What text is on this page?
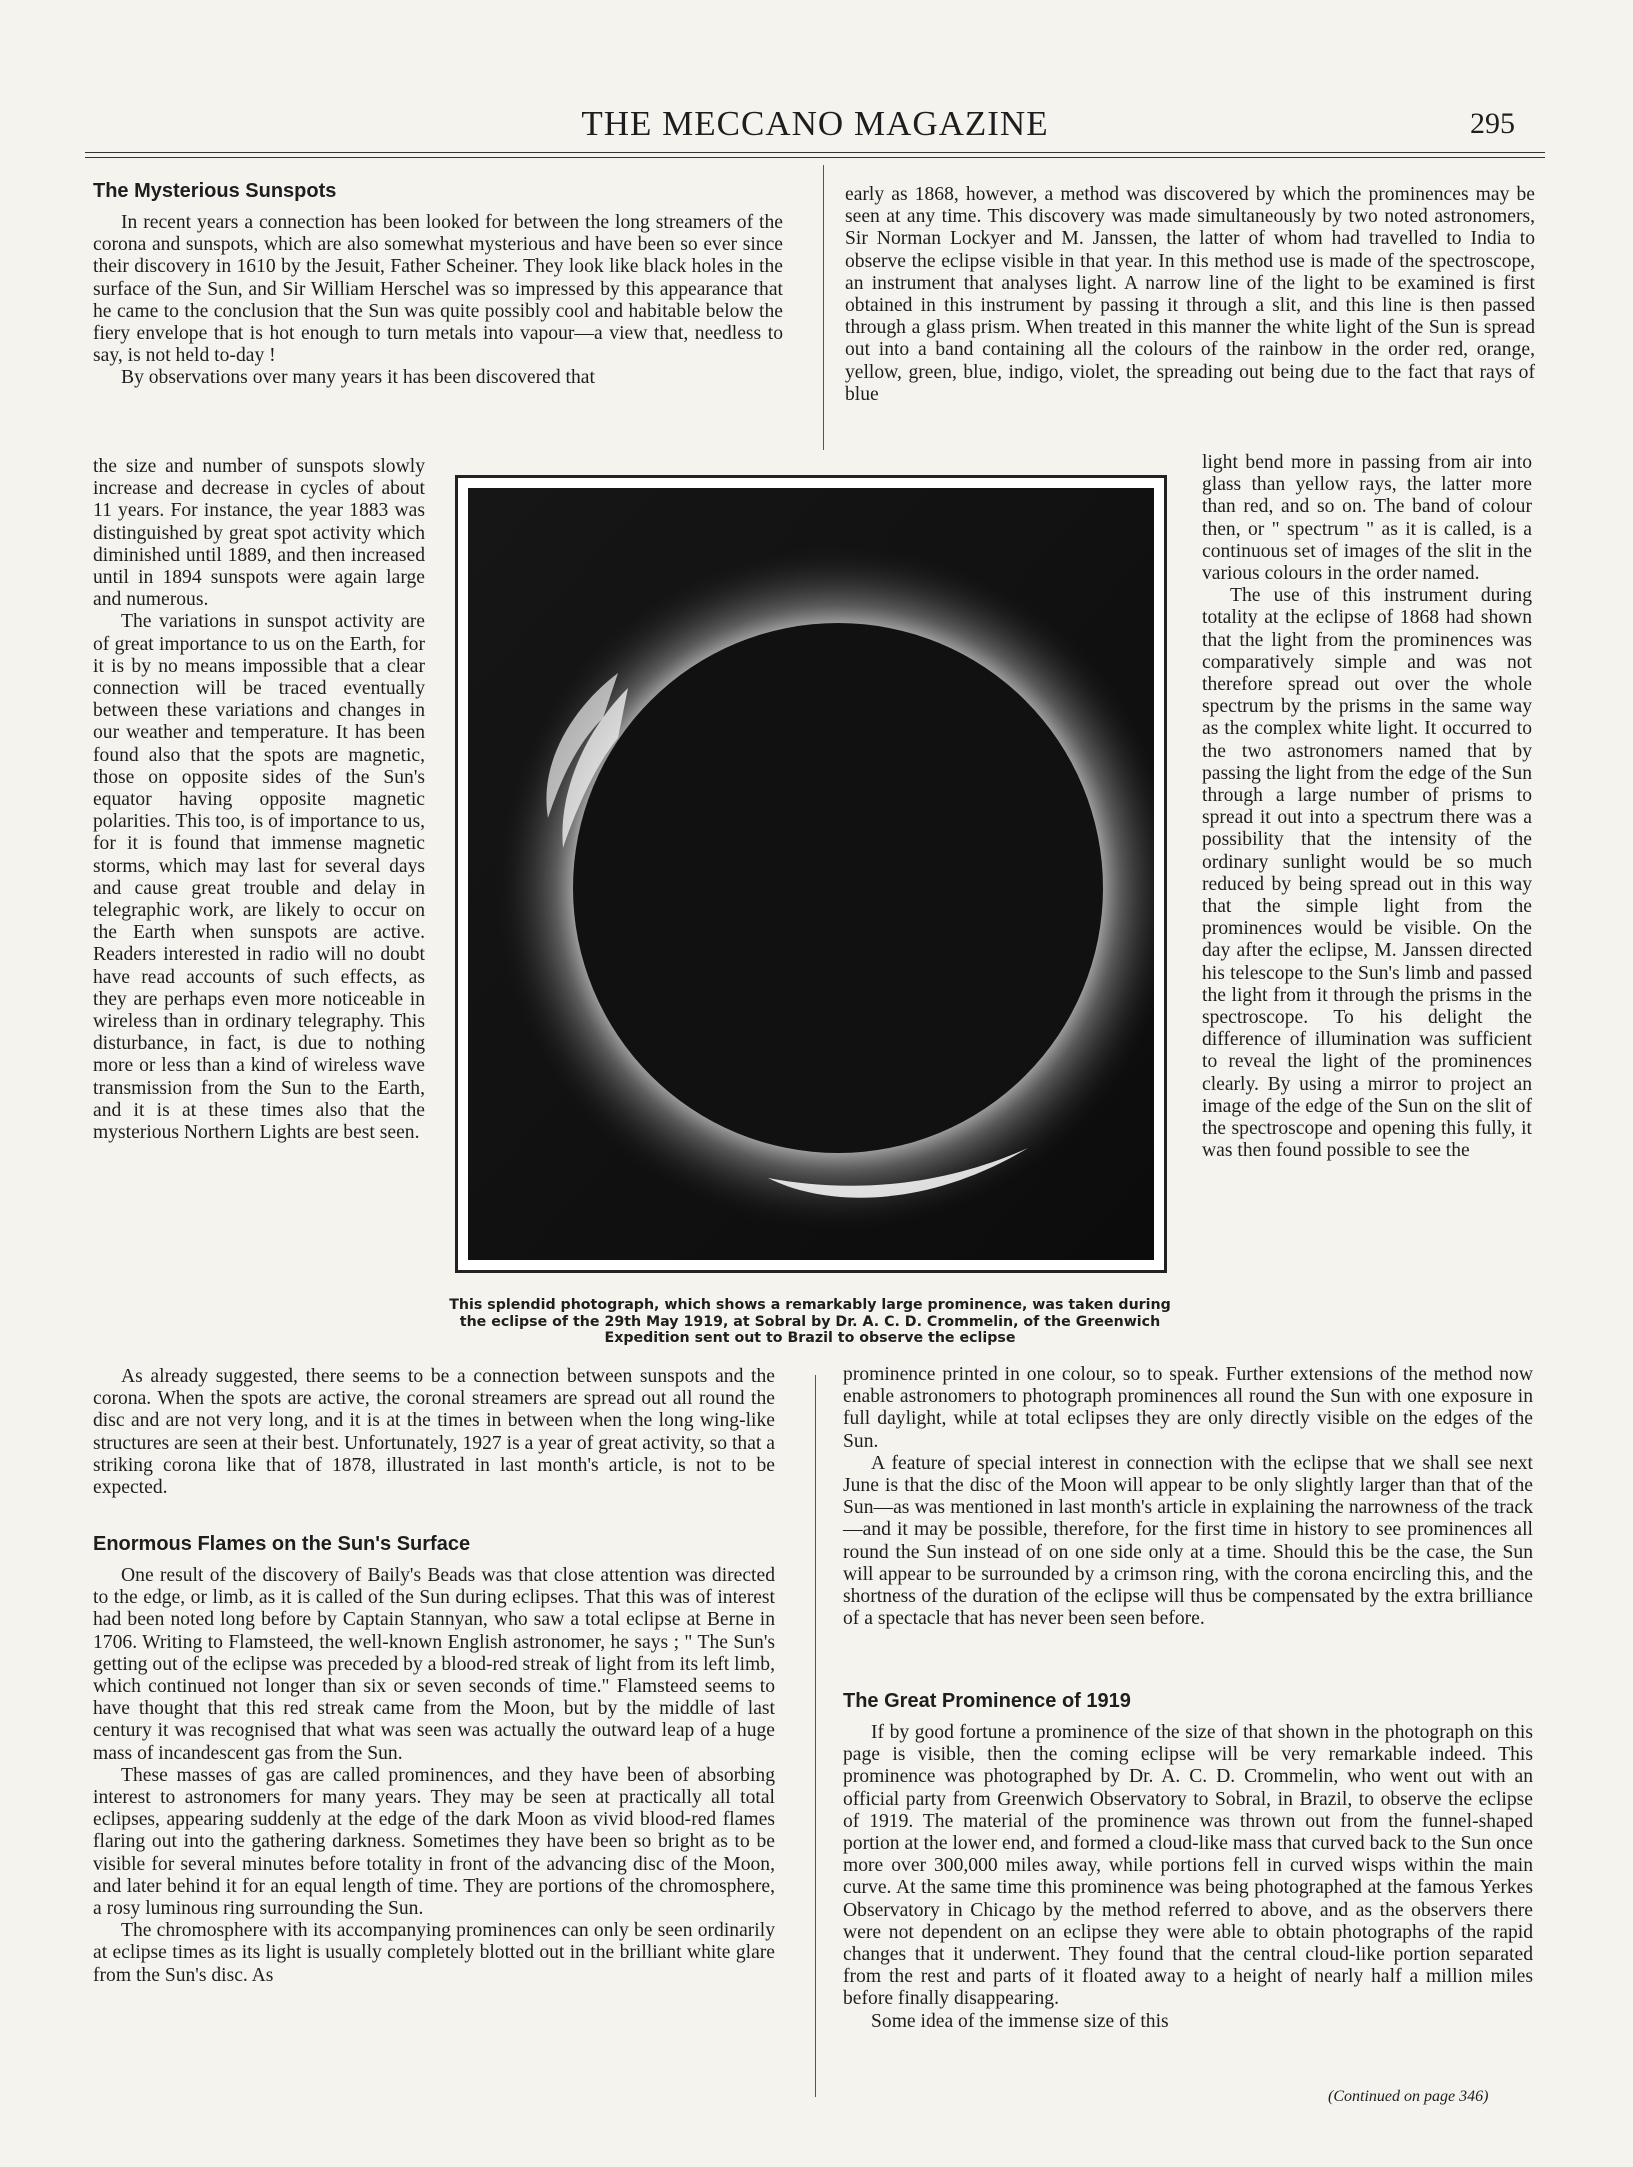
THE MECCANO MAGAZINE	295
The Mysterious Sunspots

In recent years a connection has been looked for between the long streamers of the corona and sunspots, which are also somewhat mysterious and have been so ever since their discovery in 1610 by the Jesuit, Father Scheiner. They look like black holes in the surface of the Sun, and Sir William Herschel was so impressed by this appearance that he came to the conclusion that the Sun was quite possibly cool and habitable below the fiery envelope that is hot enough to turn metals into vapour—a view that, needless to say, is not held to-day !

By observations over many years it has been discovered that

the size and number of sunspots slowly increase and decrease in cycles of about 11 years. For instance, the year 1883 was distinguished by great spot activity which diminished until 1889, and then increased until in 1894 sunspots were again large and numerous.

The variations in sunspot activity are of great importance to us on the Earth, for it is by no means impossible that a clear connection will be traced eventually between these variations and changes in our weather and temperature. It has been found also that the spots are magnetic, those on opposite sides of the Sun's equator having opposite magnetic polarities. This too, is of importance to us, for it is found that immense magnetic storms, which may last for several days and cause great trouble and delay in telegraphic work, are likely to occur on the Earth when sunspots are active. Readers interested in radio will no doubt have read accounts of such effects, as they are perhaps even more noticeable in wireless than in ordinary telegraphy. This disturbance, in fact, is due to nothing more or less than a kind of wireless wave transmission from the Sun to the Earth, and it is at these times also that the mysterious Northern Lights are best seen.

As already suggested, there seems to be a connection between sunspots and the corona. When the spots are active, the coronal streamers are spread out all round the disc and are not very long, and it is at the times in between when the long wing-like structures are seen at their best. Unfortunately, 1927 is a year of great activity, so that a striking corona like that of 1878, illustrated in last month's article, is not to be expected.

Enormous Flames on the Sun's Surface

One result of the discovery of Baily's Beads was that close attention was directed to the edge, or limb, as it is called of the Sun during eclipses. That this was of interest had been noted long before by Captain Stannyan, who saw a total eclipse at Berne in 1706. Writing to Flamsteed, the well-known English astronomer, he says ; " The Sun's getting out of the eclipse was preceded by a blood-red streak of light from its left limb, which continued not longer than six or seven seconds of time." Flamsteed seems to have thought that this red streak came from the Moon, but by the middle of last century it was recognised that what was seen was actually the outward leap of a huge mass of incandescent gas from the Sun.

These masses of gas are called prominences, and they have been of absorbing interest to astronomers for many years. They may be seen at practically all total eclipses, appearing suddenly at the edge of the dark Moon as vivid blood-red flames flaring out into the gathering darkness. Sometimes they have been so bright as to be visible for several minutes before totality in front of the advancing disc of the Moon, and later behind it for an equal length of time. They are portions of the chromosphere, a rosy luminous ring surrounding the Sun.

The chromosphere with its accompanying prominences can only be seen ordinarily at eclipse times as its light is usually completely blotted out in the brilliant white glare from the Sun's disc. As

early as 1868, however, a method was discovered by which the prominences may be seen at any time. This discovery was made simultaneously by two noted astronomers, Sir Norman Lockyer and M. Janssen, the latter of whom had travelled to India to observe the eclipse visible in that year. In this method use is made of the spectroscope, an instrument that analyses light. A narrow line of the light to be examined is first obtained in this instrument by passing it through a slit, and this line is then passed through a glass prism. When treated in this manner the white light of the Sun is spread out into a band containing all the colours of the rainbow in the order red, orange, yellow, green, blue, indigo, violet, the spreading out being due to the fact that rays of blue

light bend more in passing from air into glass than yellow rays, the latter more than red, and so on. The band of colour then, or " spectrum " as it is called, is a continuous set of images of the slit in the various colours in the order named.

The use of this instrument during totality at the eclipse of 1868 had shown that the light from the prominences was comparatively simple and was not therefore spread out over the whole spectrum by the prisms in the same way as the complex white light. It occurred to the two astronomers named that by passing the light from the edge of the Sun through a large number of prisms to spread it out into a spectrum there was a possibility that the intensity of the ordinary sunlight would be so much reduced by being spread out in this way that the simple light from the prominences would be visible. On the day after the eclipse, M. Janssen directed his telescope to the Sun's limb and passed the light from it through the prisms in the spectroscope. To his delight the difference of illumination was sufficient to reveal the light of the prominences clearly. By using a mirror to project an image of the edge of the Sun on the slit of the spectroscope and opening this fully, it was then found possible to see the

prominence printed in one colour, so to speak. Further extensions of the method now enable astronomers to photograph prominences all round the Sun with one exposure in full daylight, while at total eclipses they are only directly visible on the edges of the Sun.

A feature of special interest in connection with the eclipse that we shall see next June is that the disc of the Moon will appear to be only slightly larger than that of the Sun—as was mentioned in last month's article in explaining the narrowness of the track—and it may be possible, therefore, for the first time in history to see prominences all round the Sun instead of on one side only at a time. Should this be the case, the Sun will appear to be surrounded by a crimson ring, with the corona encircling this, and the shortness of the duration of the eclipse will thus be compensated by the extra brilliance of a spectacle that has never been seen before.

The Great Prominence of 1919

If by good fortune a prominence of the size of that shown in the photograph on this page is visible, then the coming eclipse will be very remarkable indeed. This prominence was photographed by Dr. A. C. D. Crommelin, who went out with an official party from Greenwich Observatory to Sobral, in Brazil, to observe the eclipse of 1919. The material of the prominence was thrown out from the funnel-shaped portion at the lower end, and formed a cloud-like mass that curved back to the Sun once more over 300,000 miles away, while portions fell in curved wisps within the main curve. At the same time this prominence was being photographed at the famous Yerkes Observatory in Chicago by the method referred to above, and as the observers there were not dependent on an eclipse they were able to obtain photographs of the rapid changes that it underwent. They found that the central cloud-like portion separated from the rest and parts of it floated away to a height of nearly half a million miles before finally disappearing.

Some idea of the immense size of this

This splendid photograph, which shows a remarkably large prominence, was taken during the eclipse of the 29th May 1919, at Sobral by Dr. A. C. D. Crommelin, of the Greenwich Expedition sent out to Brazil to observe the eclipse
(Continued on page 346)
